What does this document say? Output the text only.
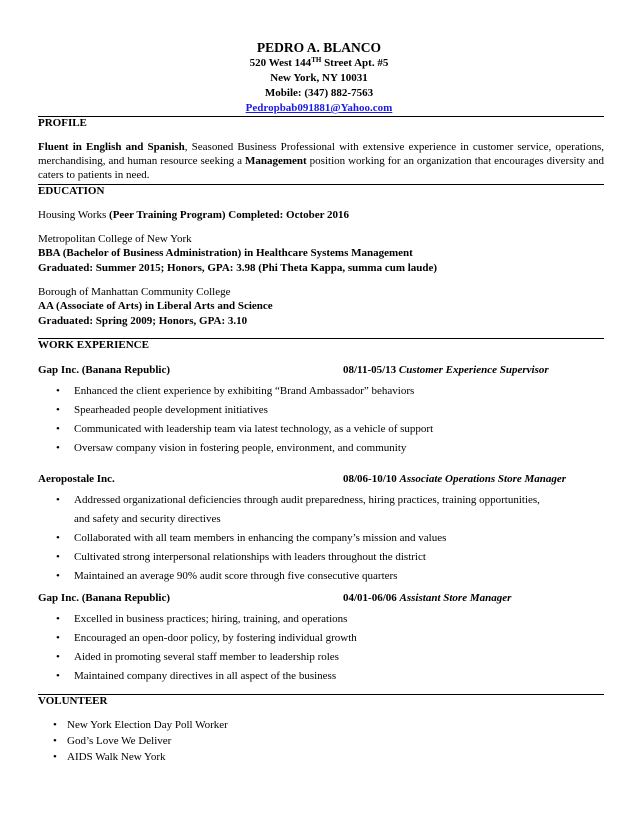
PEDRO A. BLANCO
520 West 144TH Street Apt. #5
New York, NY 10031
Mobile: (347) 882-7563
Pedropbab091881@Yahoo.com
PROFILE
Fluent in English and Spanish, Seasoned Business Professional with extensive experience in customer service, operations, merchandising, and human resource seeking a Management position working for an organization that encourages diversity and caters to patients in need.
EDUCATION
Housing Works (Peer Training Program) Completed: October 2016
Metropolitan College of New York
BBA (Bachelor of Business Administration) in Healthcare Systems Management
Graduated: Summer 2015; Honors, GPA: 3.98 (Phi Theta Kappa, summa cum laude)
Borough of Manhattan Community College
AA (Associate of Arts) in Liberal Arts and Science
Graduated: Spring 2009; Honors, GPA: 3.10
WORK EXPERIENCE
Gap Inc. (Banana Republic)	08/11-05/13 Customer Experience Supervisor
• Enhanced the client experience by exhibiting “Brand Ambassador” behaviors
• Spearheaded people development initiatives
• Communicated with leadership team via latest technology, as a vehicle of support
• Oversaw company vision in fostering people, environment, and community
Aeropostale Inc.	08/06-10/10 Associate Operations Store Manager
• Addressed organizational deficiencies through audit preparedness, hiring practices, training opportunities, and safety and security directives
• Collaborated with all team members in enhancing the company’s mission and values
• Cultivated strong interpersonal relationships with leaders throughout the district
• Maintained an average 90% audit score through five consecutive quarters
Gap Inc. (Banana Republic)	04/01-06/06 Assistant Store Manager
• Excelled in business practices; hiring, training, and operations
• Encouraged an open-door policy, by fostering individual growth
• Aided in promoting several staff member to leadership roles
• Maintained company directives in all aspect of the business
VOLUNTEER
• New York Election Day Poll Worker
• God’s Love We Deliver
• AIDS Walk New York
